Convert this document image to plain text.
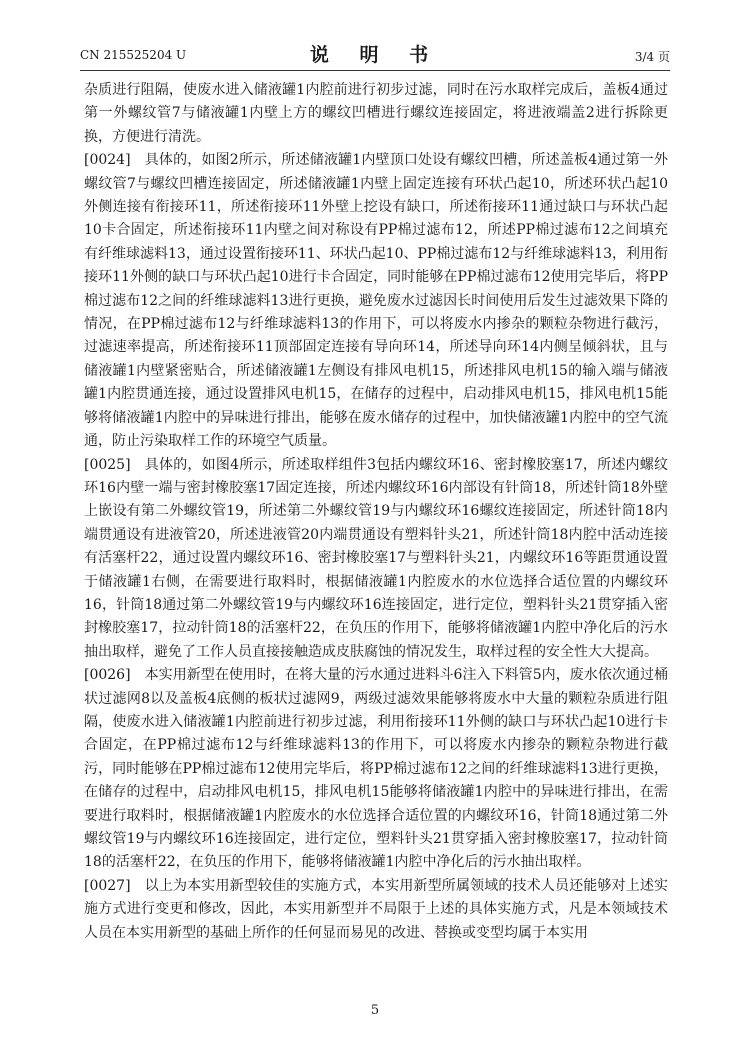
CN 215525204 U	说 明 书	3/4 页

杂质进行阻隔，使废水进入储液罐1内腔前进行初步过滤，同时在污水取样完成后，盖板4通过第一外螺纹管7与储液罐1内壁上方的螺纹凹槽进行螺纹连接固定，将进液端盖2进行拆除更换，方便进行清洗。

[0024] 具体的，如图2所示，所述储液罐1内壁顶口处设有螺纹凹槽，所述盖板4通过第一外螺纹管7与螺纹凹槽连接固定，所述储液罐1内壁上固定连接有环状凸起10，所述环状凸起10外侧连接有衔接环11，所述衔接环11外壁上挖设有缺口，所述衔接环11通过缺口与环状凸起10卡合固定，所述衔接环11内壁之间对称设有PP棉过滤布12，所述PP棉过滤布12之间填充有纤维球滤料13，通过设置衔接环11、环状凸起10、PP棉过滤布12与纤维球滤料13，利用衔接环11外侧的缺口与环状凸起10进行卡合固定，同时能够在PP棉过滤布12使用完毕后，将PP棉过滤布12之间的纤维球滤料13进行更换，避免废水过滤因长时间使用后发生过滤效果下降的情况，在PP棉过滤布12与纤维球滤料13的作用下，可以将废水内掺杂的颗粒杂物进行截污，过滤速率提高，所述衔接环11顶部固定连接有导向环14，所述导向环14内侧呈倾斜状，且与储液罐1内壁紧密贴合，所述储液罐1左侧设有排风电机15，所述排风电机15的输入端与储液罐1内腔贯通连接，通过设置排风电机15，在储存的过程中，启动排风电机15，排风电机15能够将储液罐1内腔中的异味进行排出，能够在废水储存的过程中，加快储液罐1内腔中的空气流通，防止污染取样工作的环境空气质量。

[0025] 具体的，如图4所示，所述取样组件3包括内螺纹环16、密封橡胶塞17，所述内螺纹环16内壁一端与密封橡胶塞17固定连接，所述内螺纹环16内部设有针筒18，所述针筒18外壁上嵌设有第二外螺纹管19，所述第二外螺纹管19与内螺纹环16螺纹连接固定，所述针筒18内端贯通设有进液管20，所述进液管20内端贯通设有塑料针头21，所述针筒18内腔中活动连接有活塞杆22，通过设置内螺纹环16、密封橡胶塞17与塑料针头21，内螺纹环16等距贯通设置于储液罐1右侧，在需要进行取料时，根据储液罐1内腔废水的水位选择合适位置的内螺纹环16，针筒18通过第二外螺纹管19与内螺纹环16连接固定，进行定位，塑料针头21贯穿插入密封橡胶塞17，拉动针筒18的活塞杆22，在负压的作用下，能够将储液罐1内腔中净化后的污水抽出取样，避免了工作人员直接接触造成皮肤腐蚀的情况发生，取样过程的安全性大大提高。

[0026] 本实用新型在使用时，在将大量的污水通过进料斗6注入下料管5内，废水依次通过桶状过滤网8以及盖板4底侧的板状过滤网9，两级过滤效果能够将废水中大量的颗粒杂质进行阻隔，使废水进入储液罐1内腔前进行初步过滤，利用衔接环11外侧的缺口与环状凸起10进行卡合固定，在PP棉过滤布12与纤维球滤料13的作用下，可以将废水内掺杂的颗粒杂物进行截污，同时能够在PP棉过滤布12使用完毕后，将PP棉过滤布12之间的纤维球滤料13进行更换，在储存的过程中，启动排风电机15，排风电机15能够将储液罐1内腔中的异味进行排出，在需要进行取料时，根据储液罐1内腔废水的水位选择合适位置的内螺纹环16，针筒18通过第二外螺纹管19与内螺纹环16连接固定，进行定位，塑料针头21贯穿插入密封橡胶塞17，拉动针筒18的活塞杆22，在负压的作用下，能够将储液罐1内腔中净化后的污水抽出取样。

[0027] 以上为本实用新型较佳的实施方式，本实用新型所属领域的技术人员还能够对上述实施方式进行变更和修改，因此，本实用新型并不局限于上述的具体实施方式，凡是本领域技术人员在本实用新型的基础上所作的任何显而易见的改进、替换或变型均属于本实用

5
